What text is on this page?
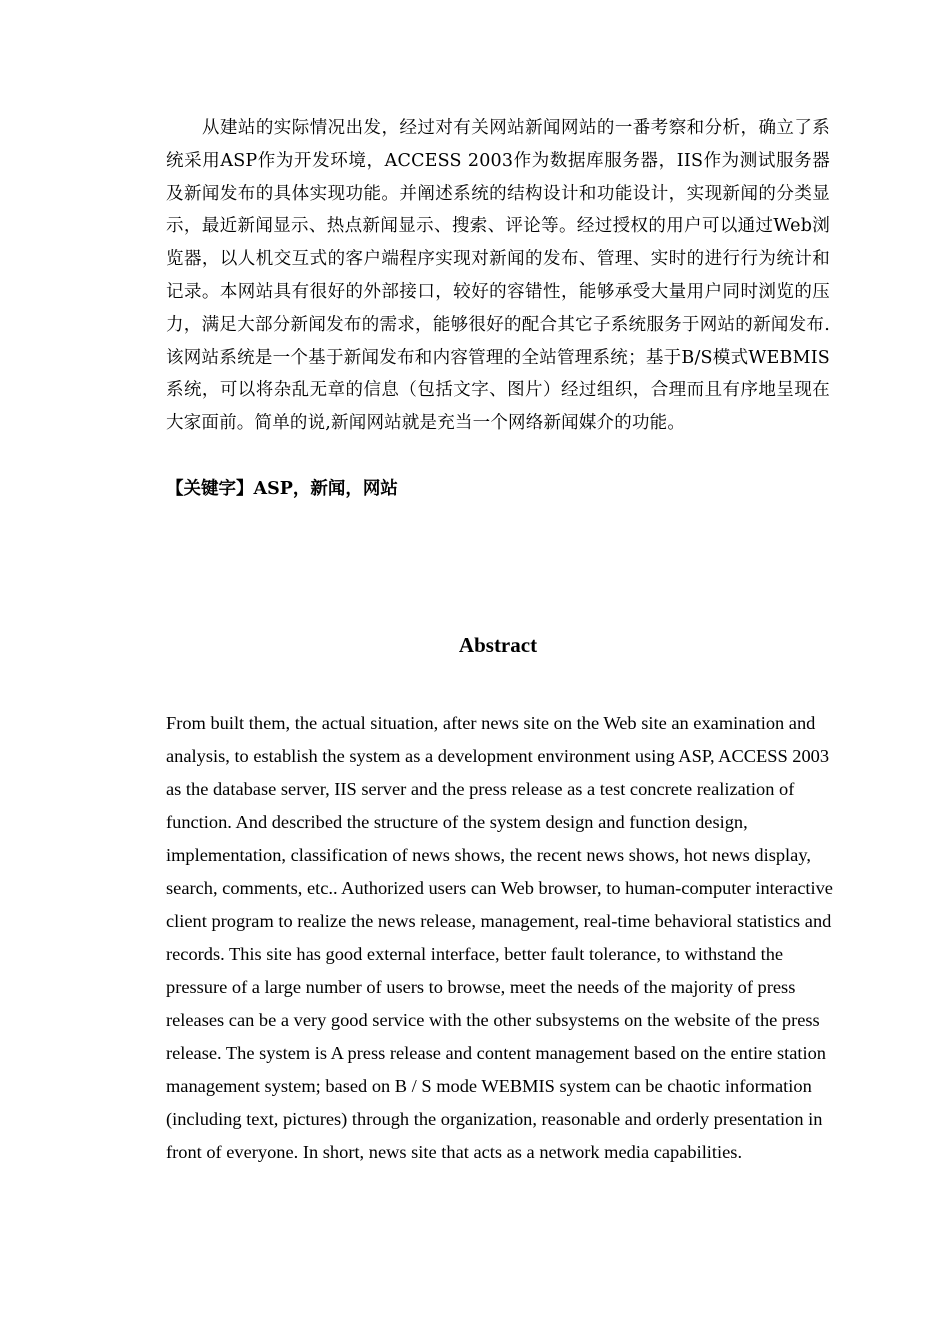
从建站的实际情况出发，经过对有关网站新闻网站的一番考察和分析，确立了系统采用ASP作为开发环境，ACCESS 2003作为数据库服务器，IIS作为测试服务器及新闻发布的具体实现功能。并阐述系统的结构设计和功能设计，实现新闻的分类显示，最近新闻显示、热点新闻显示、搜索、评论等。经过授权的用户可以通过Web浏览器，以人机交互式的客户端程序实现对新闻的发布、管理、实时的进行行为统计和记录。本网站具有很好的外部接口，较好的容错性，能够承受大量用户同时浏览的压力，满足大部分新闻发布的需求，能够很好的配合其它子系统服务于网站的新闻发布.该网站系统是一个基于新闻发布和内容管理的全站管理系统；基于B/S模式WEBMIS系统，可以将杂乱无章的信息（包括文字、图片）经过组织，合理而且有序地呈现在大家面前。简单的说,新闻网站就是充当一个网络新闻媒介的功能。

【关键字】ASP，新闻，网站

Abstract

From built them, the actual situation, after news site on the Web site an examination and analysis, to establish the system as a development environment using ASP, ACCESS 2003 as the database server, IIS server and the press release as a test concrete realization of function. And described the structure of the system design and function design, implementation, classification of news shows, the recent news shows, hot news display, search, comments, etc.. Authorized users can Web browser, to human-computer interactive client program to realize the news release, management, real-time behavioral statistics and records. This site has good external interface, better fault tolerance, to withstand the pressure of a large number of users to browse, meet the needs of the majority of press releases can be a very good service with the other subsystems on the website of the press release. The system is A press release and content management based on the entire station management system; based on B / S mode WEBMIS system can be chaotic information (including text, pictures) through the organization, reasonable and orderly presentation in front of everyone. In short, news site that acts as a network media capabilities.
